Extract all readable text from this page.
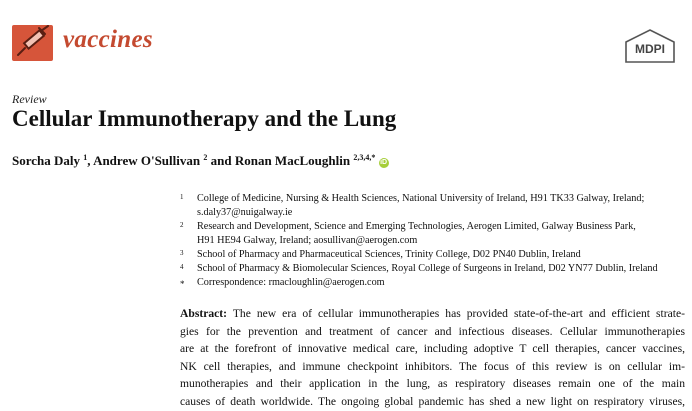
vaccines	MDPI
Review
Cellular Immunotherapy and the Lung
Sorcha Daly $^1$, Andrew O'Sullivan $^2$ and Ronan MacLoughlin $^{2,3,4,*}$ iD
1 College of Medicine, Nursing & Health Sciences, National University of Ireland, H91 TK33 Galway, Ireland;
s.daly37@nuigalway.ie
2 Research and Development, Science and Emerging Technologies, Aerogen Limited, Galway Business Park,
H91 HE94 Galway, Ireland; aosullivan@aerogen.com
3 School of Pharmacy and Pharmaceutical Sciences, Trinity College, D02 PN40 Dublin, Ireland
4 School of Pharmacy & Biomolecular Sciences, Royal College of Surgeons in Ireland, D02 YN77 Dublin, Ireland
* Correspondence: rmacloughlin@aerogen.com
Abstract: The new era of cellular immunotherapies has provided state-of-the-art and efficient strate-
gies for the prevention and treatment of cancer and infectious diseases. Cellular immunotherapies
are at the forefront of innovative medical care, including adoptive T cell therapies, cancer vaccines,
NK cell therapies, and immune checkpoint inhibitors. The focus of this review is on cellular im-
munotherapies and their application in the lung, as respiratory diseases remain one of the main
causes of death worldwide. The ongoing global pandemic has shed a new light on respiratory viruses,
